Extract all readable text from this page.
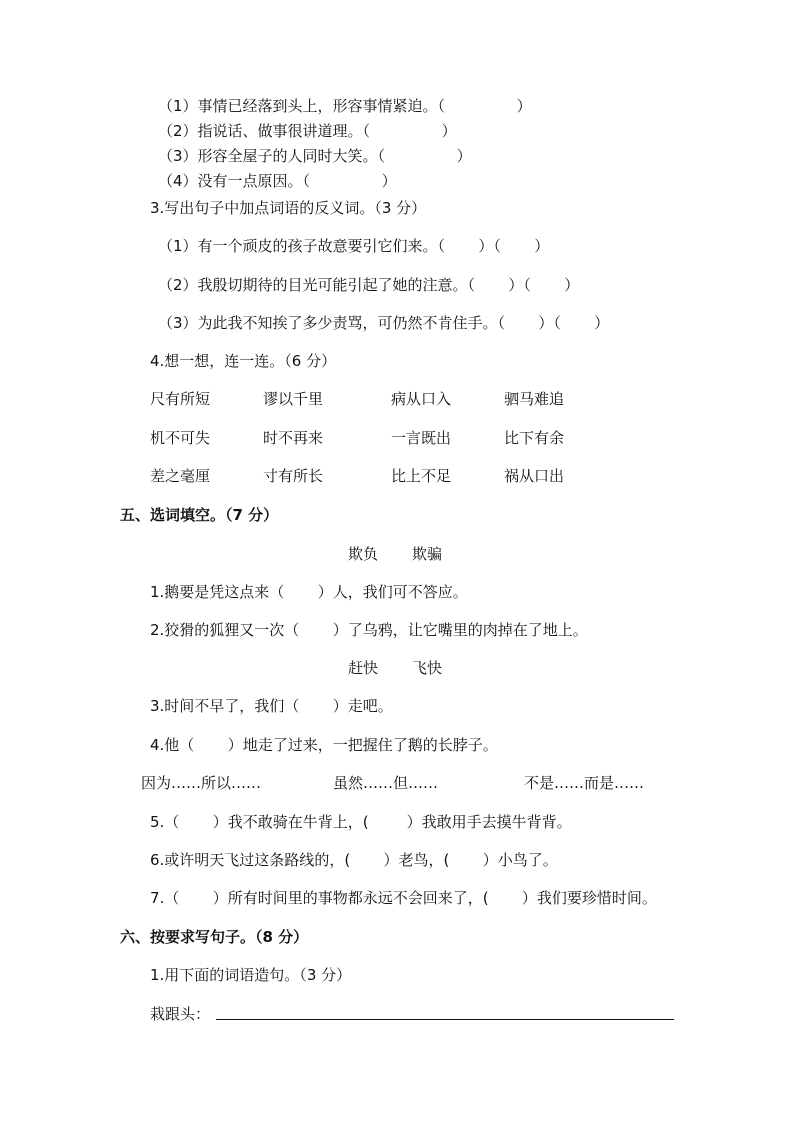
（1）事情已经落到头上，形容事情紧迫。（               ）
（2）指说话、做事很讲道理。（               ）
（3）形容全屋子的人同时大笑。（               ）
（4）没有一点原因。（               ）
3.写出句子中加点词语的反义词。（3 分）
（1）有一个顽皮的孩子故意要引它们来。（       ）（       ）
（2）我殷切期待的目光可能引起了她的注意。（       ）（       ）
（3）为此我不知挨了多少责骂，可仍然不肯住手。（       ）（       ）
4.想一想，连一连。（6 分）
尺有所短	谬以千里	病从口入	驷马难追
机不可失	时不再来	一言既出	比下有余
差之毫厘	寸有所长	比上不足	祸从口出
五、选词填空。（7 分）
欺负 欺骗
1.鹅要是凭这点来（       ）人，我们可不答应。
2.狡猾的狐狸又一次（       ）了乌鸦，让它嘴里的肉掉在了地上。
赶快 飞快
3.时间不早了，我们（       ）走吧。
4.他（       ）地走了过来，一把握住了鹅的长脖子。
因为……所以……	虽然……但……	不是……而是……
5.（       ）我不敢骑在牛背上，(        ）我敢用手去摸牛背背。
6.或许明天飞过这条路线的，(       ）老鸟，(       ）小鸟了。
7.（       ）所有时间里的事物都永远不会回来了，(       ）我们要珍惜时间。
六、按要求写句子。（8 分）
1.用下面的词语造句。（3 分）
栽跟头：
